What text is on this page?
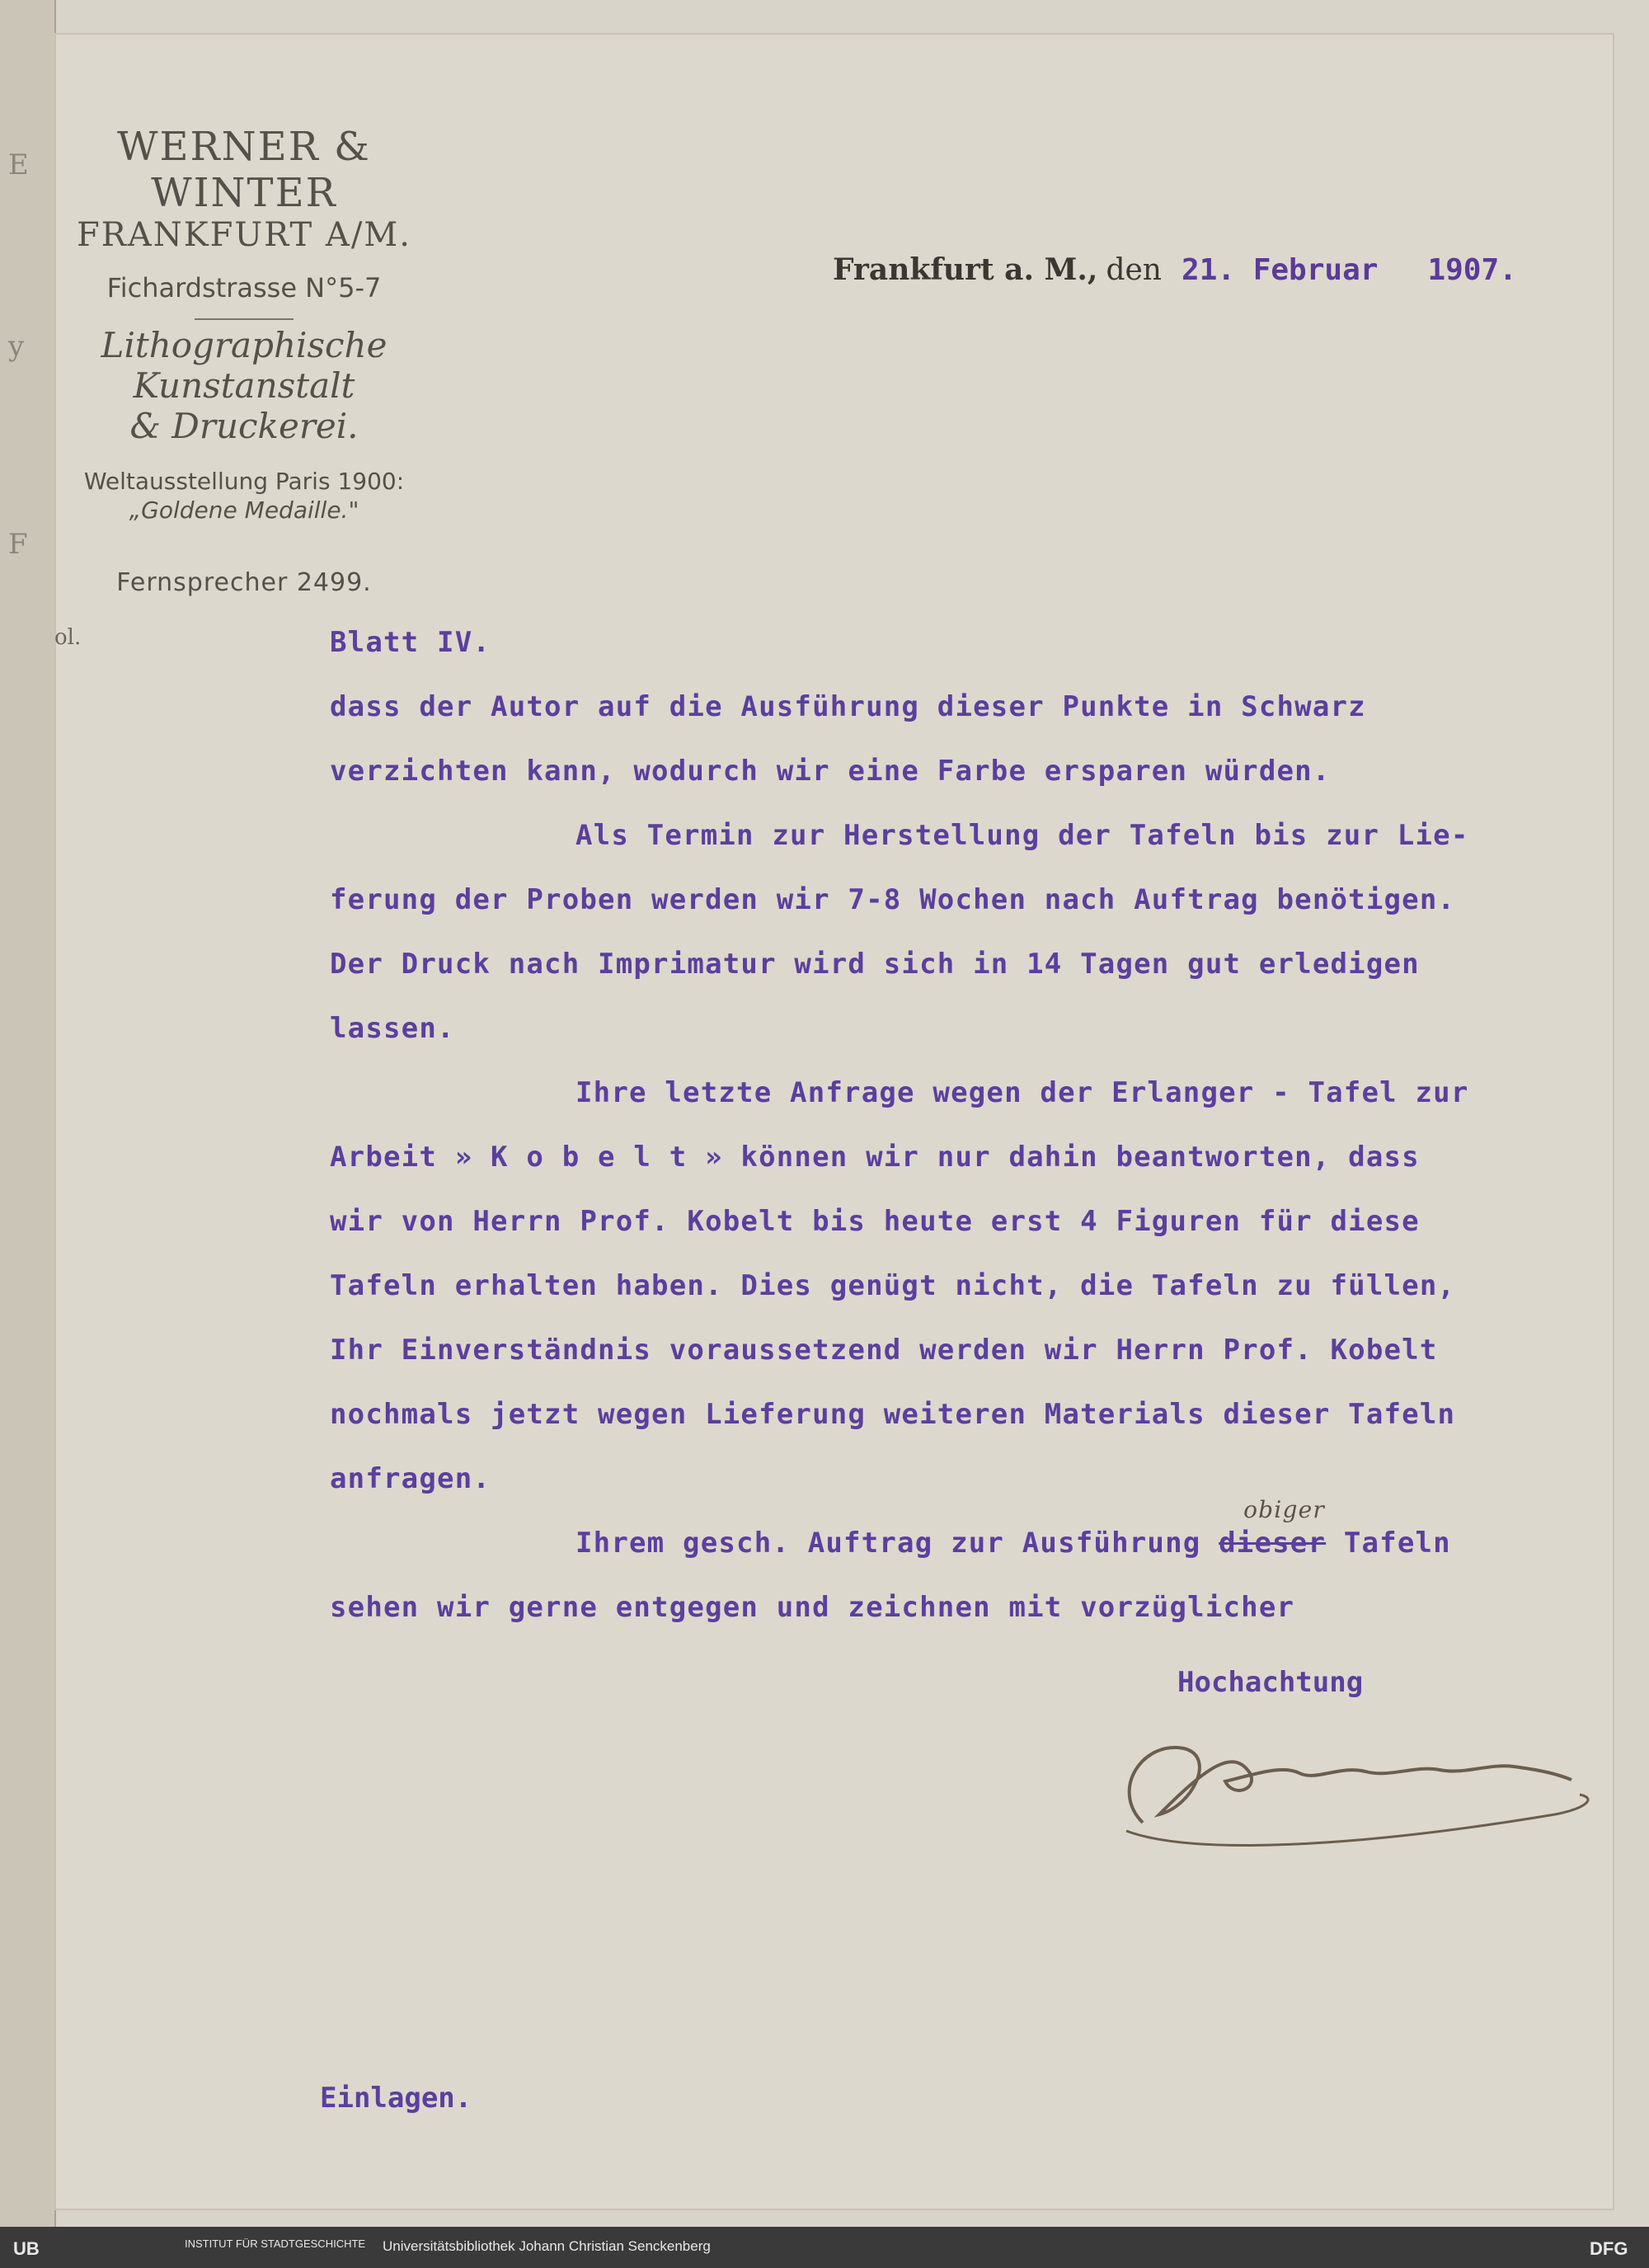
E
y
F
WERNER & WINTER
FRANKFURT A/M.
Fichardstrasse N°5-7
Lithographische Kunstanstalt
& Druckerei.
Weltausstellung Paris 1900:
„Goldene Medaille."
Fernsprecher 2499.
Frankfurt a. M., den 21. Februar 1907.
ol.	Blatt IV.

dass der Autor auf die Ausführung dieser Punkte in Schwarz

verzichten kann, wodurch wir eine Farbe ersparen würden.

Als Termin zur Herstellung der Tafeln bis zur Lie-

ferung der Proben werden wir 7-8 Wochen nach Auftrag benötigen.

Der Druck nach Imprimatur wird sich in 14 Tagen gut erledigen

lassen.

Ihre letzte Anfrage wegen der Erlanger - Tafel zur

Arbeit » K o b e l t » können wir nur dahin beantworten, dass

wir von Herrn Prof. Kobelt bis heute erst 4 Figuren für diese

Tafeln erhalten haben. Dies genügt nicht, die Tafeln zu füllen,

Ihr Einverständnis voraussetzend werden wir Herrn Prof. Kobelt

nochmals jetzt wegen Lieferung weiteren Materials dieser Tafeln

anfragen.

Ihrem gesch. Auftrag zur Ausführung dieser
obiger
Tafeln

sehen wir gerne entgegen und zeichnen mit vorzüglicher

Hochachtung
Einlagen.
UB	INSTITUT FÜR STADTGESCHICHTE Universitätsbibliothek Johann Christian Senckenberg	DFG
